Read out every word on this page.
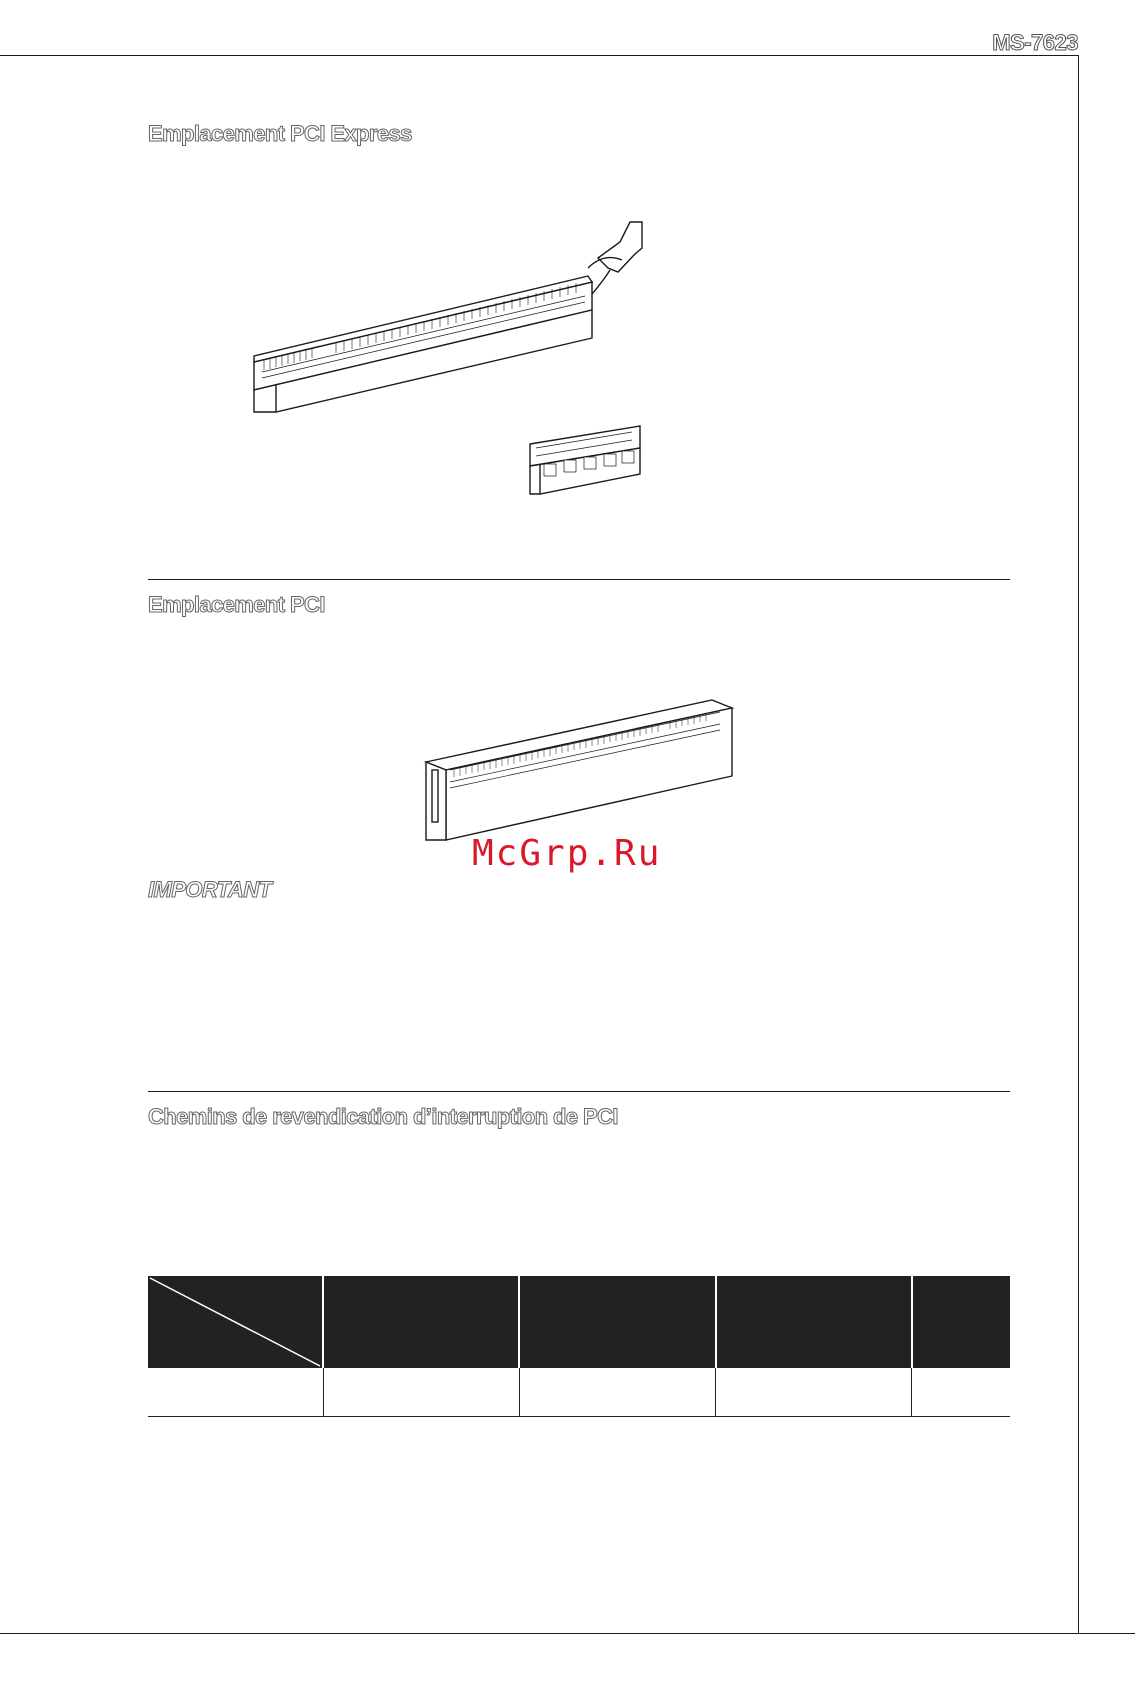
MS-7623
Emplacement PCI Express
Emplacement PCI
McGrp.Ru
IMPORTANT
Chemins de revendication d’interruption de PCI
